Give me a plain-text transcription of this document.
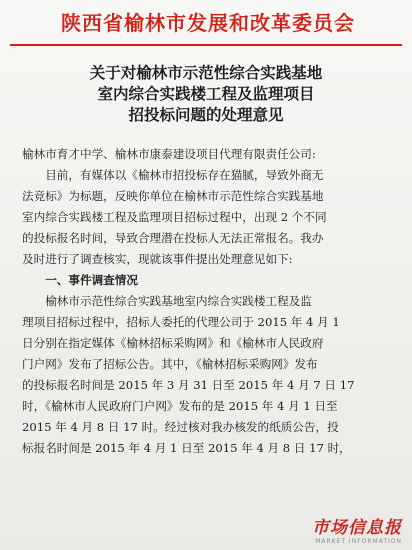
陕西省榆林市发展和改革委员会
关于对榆林市示范性综合实践基地
室内综合实践楼工程及监理项目
招投标问题的处理意见
榆林市育才中学、榆林市康泰建设项目代理有限责任公司:
　　目前，有媒体以《榆林市招投标存在猫腻，导致外商无
法竞标》为标题，反映你单位在榆林市示范性综合实践基地
室内综合实践楼工程及监理项目招标过程中，出现 2 个不同
的投标报名时间，导致合理潜在投标人无法正常报名。我办
及时进行了调查核实，现就该事件提出处理意见如下:
　　一、事件调查情况
　　榆林市示范性综合实践基地室内综合实践楼工程及监
理项目招标过程中，招标人委托的代理公司于 2015 年 4 月 1
日分别在指定媒体《榆林招标采购网》和《榆林市人民政府
门户网》发布了招标公告。其中，《榆林招标采购网》发布
的投标报名时间是 2015 年 3 月 31 日至 2015 年 4 月 7 日 17
时，《榆林市人民政府门户网》发布的是 2015 年 4 月 1 日至
2015 年 4 月 8 日 17 时。经过核对我办核发的纸质公告，投
标报名时间是 2015 年 4 月 1 日至 2015 年 4 月 8 日 17 时，
市场信息报
MARKET INFORMATION
